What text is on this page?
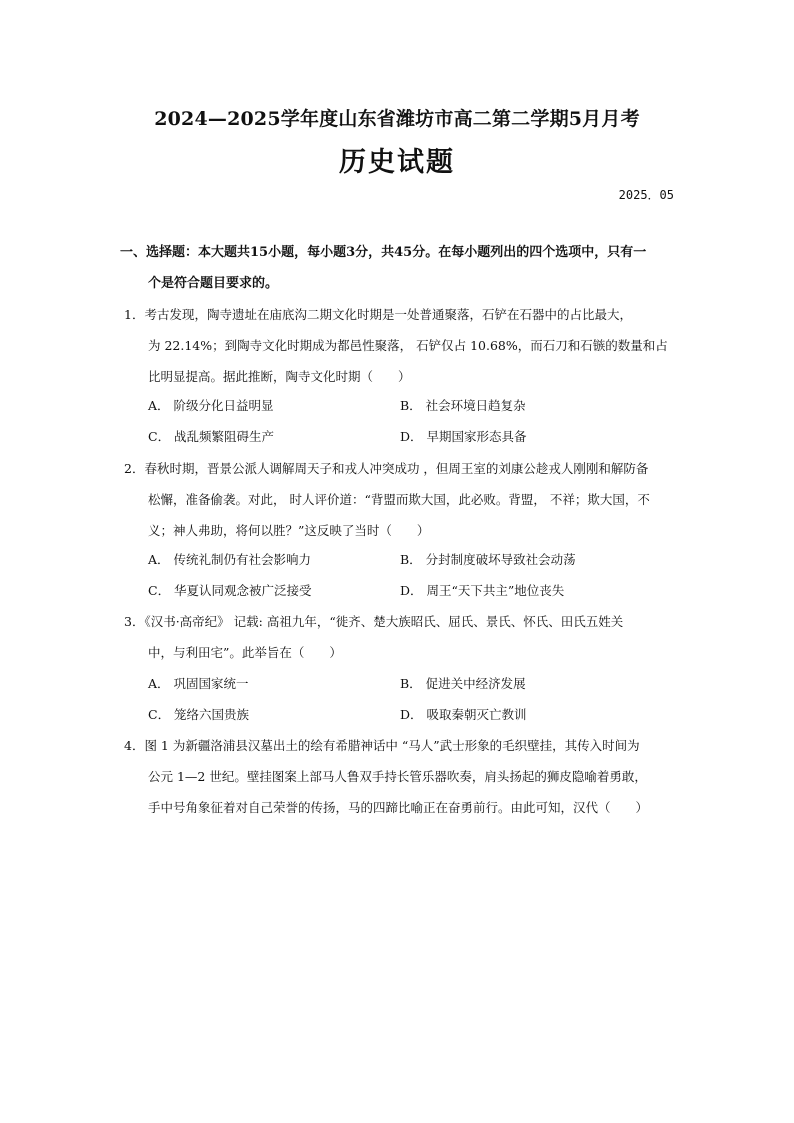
2024—2025学年度山东省潍坊市高二第二学期5月月考
历史试题
2025．05
一、选择题：本大题共15小题，每小题3分，共45分。在每小题列出的四个选项中，只有一
个是符合题目要求的。
1．考古发现，陶寺遗址在庙底沟二期文化时期是一处普通聚落，石铲在石器中的占比最大，
为 22.14%；到陶寺文化时期成为都邑性聚落， 石铲仅占 10.68%，而石刀和石镞的数量和占
比明显提高。据此推断，陶寺文化时期（　　）
A． 阶级分化日益明显	B． 社会环境日趋复杂
C． 战乱频繁阻碍生产	D． 早期国家形态具备
2．春秋时期，晋景公派人调解周天子和戎人冲突成功 ，但周王室的刘康公趁戎人刚刚和解防备
松懈，准备偷袭。对此， 时人评价道：“背盟而欺大国，此必败。背盟， 不祥；欺大国，不
义；神人弗助，将何以胜？”这反映了当时（　　）
A． 传统礼制仍有社会影响力	B． 分封制度破坏导致社会动荡
C． 华夏认同观念被广泛接受	D． 周王“天下共主”地位丧失
3．《汉书·高帝纪》 记载: 高祖九年，“徙齐、楚大族昭氏、屈氏、景氏、怀氏、田氏五姓关
中，与利田宅”。此举旨在（　　）
A． 巩固国家统一	B． 促进关中经济发展
C． 笼络六国贵族	D． 吸取秦朝灭亡教训
4．图 1 为新疆洛浦县汉墓出土的绘有希腊神话中 “马人”武士形象的毛织壁挂，其传入时间为
公元 1—2 世纪。壁挂图案上部马人鲁双手持长管乐器吹奏，肩头扬起的狮皮隐喻着勇敢，
手中号角象征着对自己荣誉的传扬，马的四蹄比喻正在奋勇前行。由此可知，汉代（　　）
